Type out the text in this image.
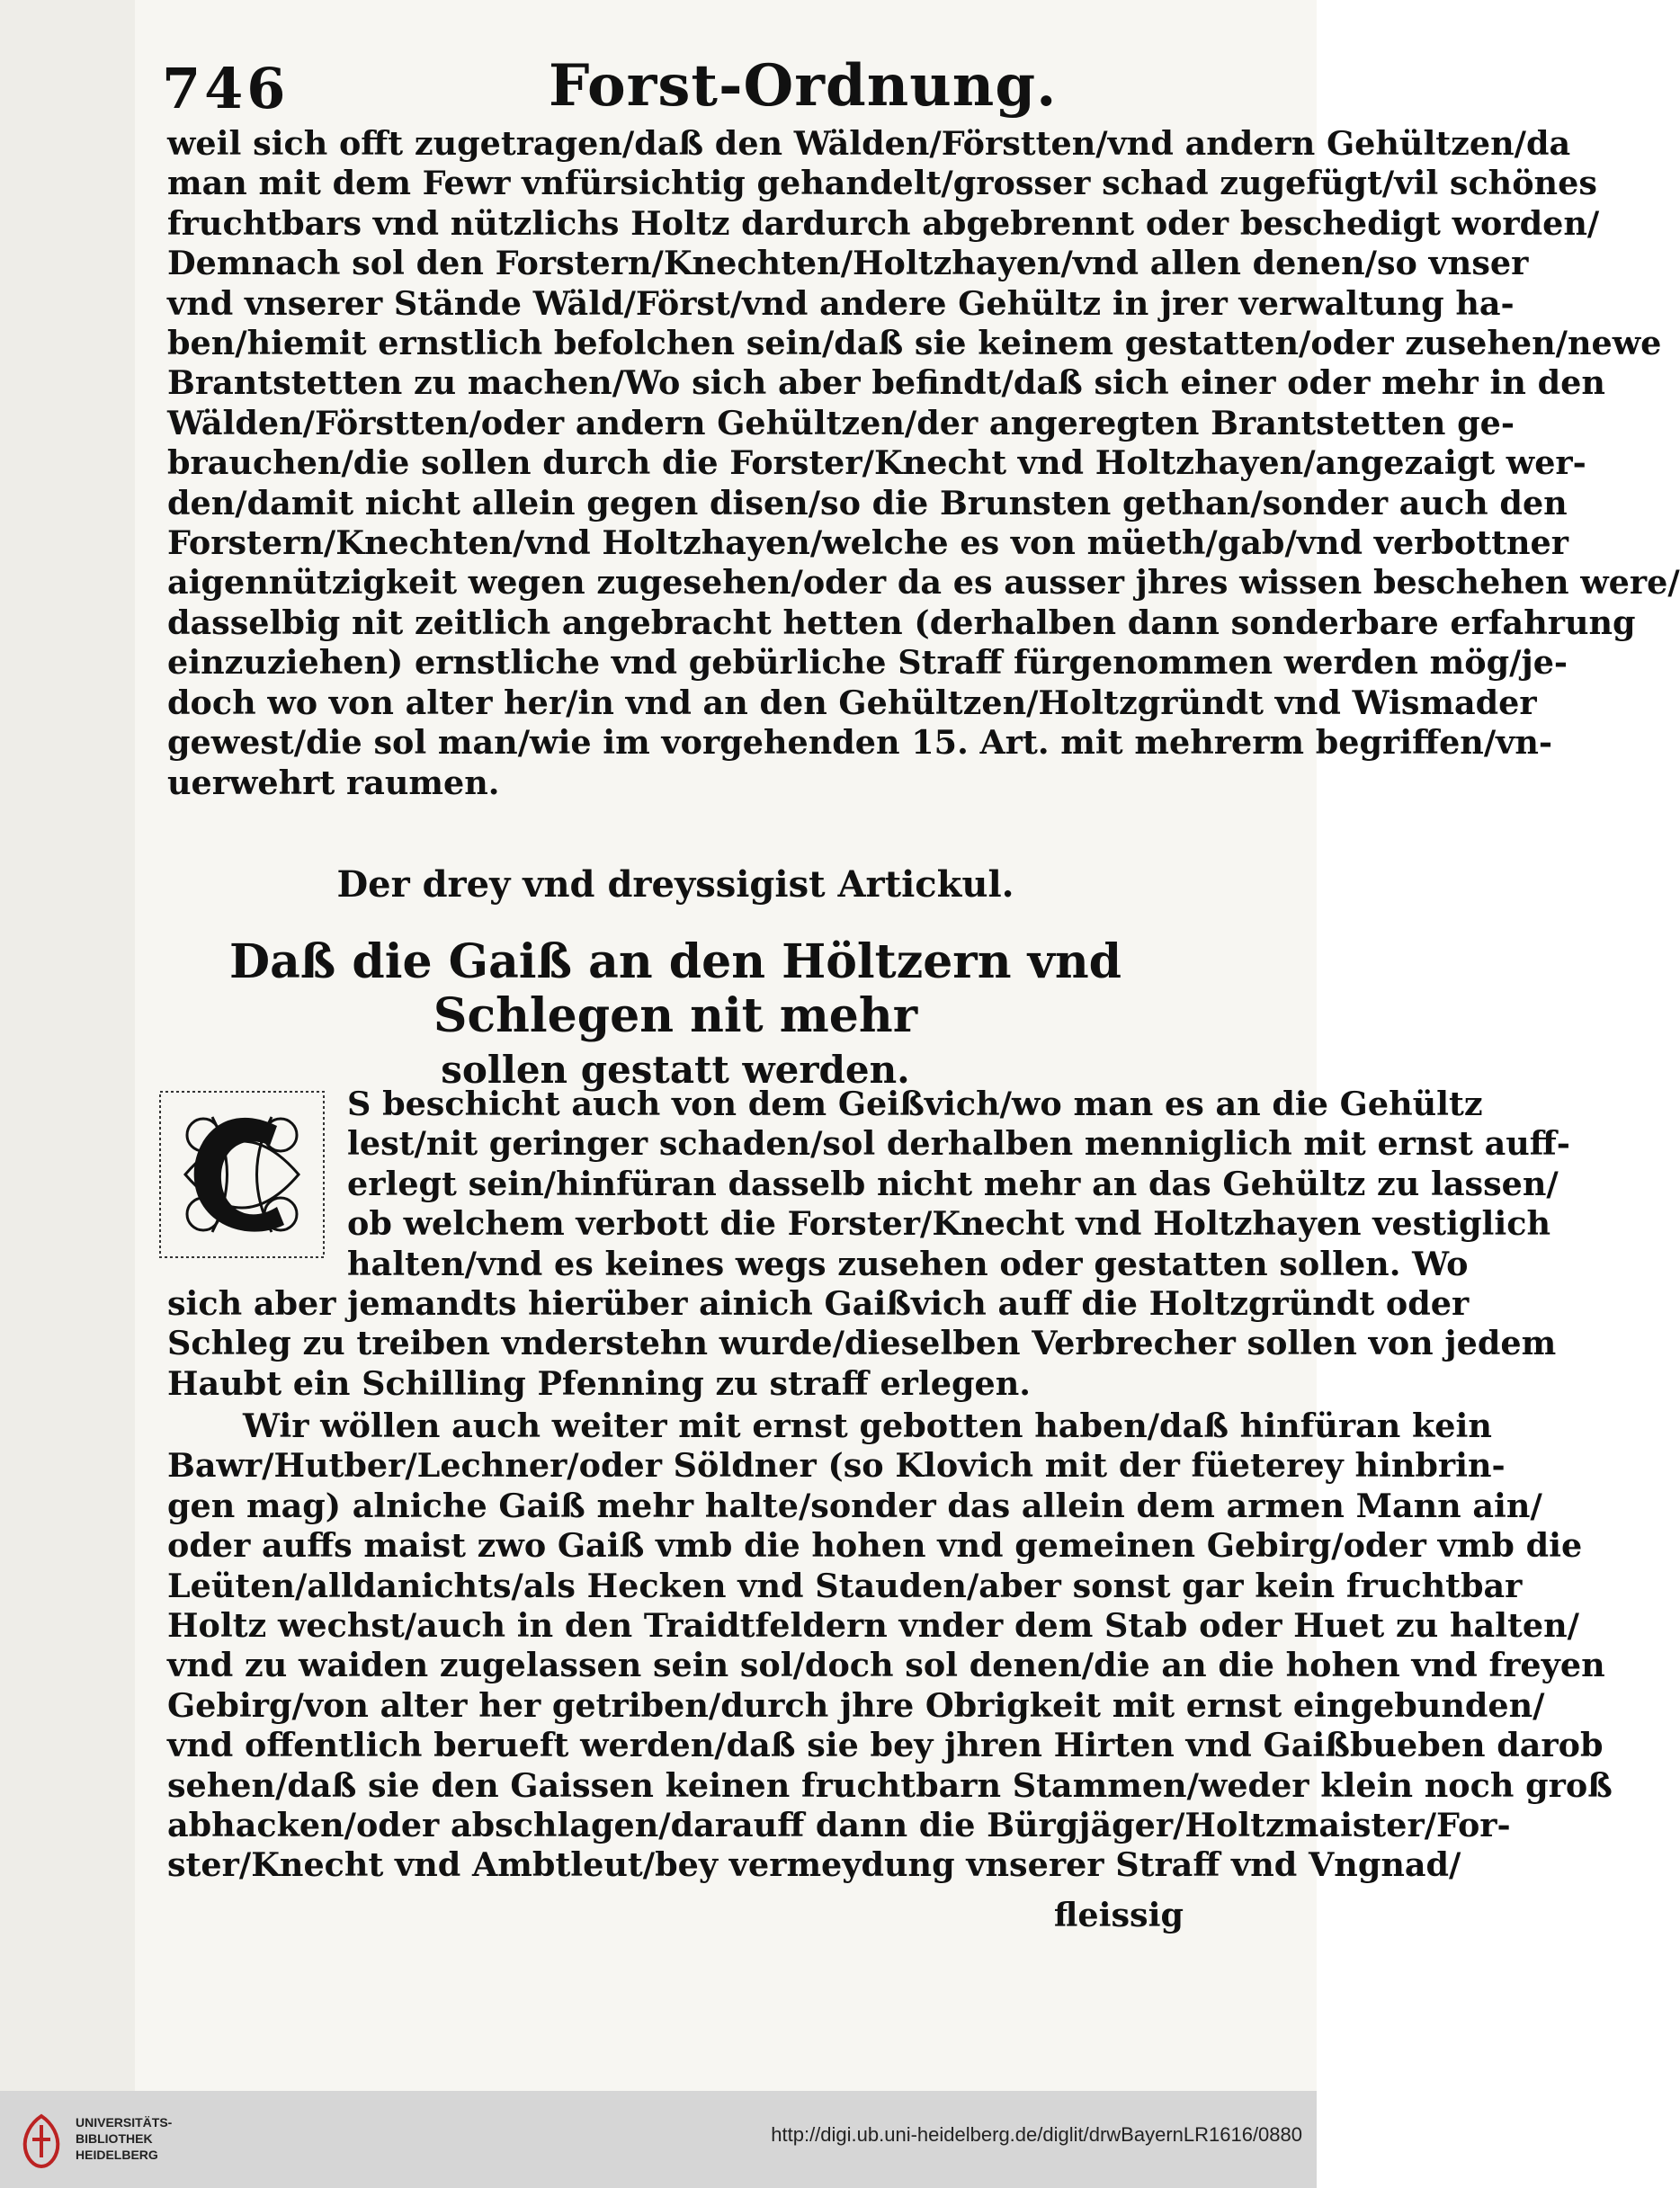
746	Forst-Ordnung.
weil sich offt zugetragen/daß den Wälden/Förstten/vnd andern Gehültzen/da
man mit dem Fewr vnfürsichtig gehandelt/grosser schad zugefügt/vil schönes
fruchtbars vnd nützlichs Holtz dardurch abgebrennt oder beschedigt worden/
Demnach sol den Forstern/Knechten/Holtzhayen/vnd allen denen/so vnser
vnd vnserer Stände Wäld/Först/vnd andere Gehültz in jrer verwaltung ha-
ben/hiemit ernstlich befolchen sein/daß sie keinem gestatten/oder zusehen/newe
Brantstetten zu machen/Wo sich aber befindt/daß sich einer oder mehr in den
Wälden/Förstten/oder andern Gehültzen/der angeregten Brantstetten ge-
brauchen/die sollen durch die Forster/Knecht vnd Holtzhayen/angezaigt wer-
den/damit nicht allein gegen disen/so die Brunsten gethan/sonder auch den
Forstern/Knechten/vnd Holtzhayen/welche es von müeth/gab/vnd verbottner
aigennützigkeit wegen zugesehen/oder da es ausser jhres wissen beschehen were/
dasselbig nit zeitlich angebracht hetten (derhalben dann sonderbare erfahrung
einzuziehen) ernstliche vnd gebürliche Straff fürgenommen werden mög/je-
doch wo von alter her/in vnd an den Gehültzen/Holtzgründt vnd Wismader
gewest/die sol man/wie im vorgehenden 15. Art. mit mehrerm begriffen/vn-
uerwehrt raumen.
Der drey vnd dreyssigist Artickul.
Daß die Gaiß an den Höltzern vnd Schlegen nit mehr
sollen gestatt werden.
S beschicht auch von dem Geißvich/wo man es an die Gehültz
lest/nit geringer schaden/sol derhalben menniglich mit ernst auff-
erlegt sein/hinfüran dasselb nicht mehr an das Gehültz zu lassen/
ob welchem verbott die Forster/Knecht vnd Holtzhayen vestiglich
halten/vnd es keines wegs zusehen oder gestatten sollen. Wo
sich aber jemandts hierüber ainich Gaißvich auff die Holtzgründt oder
Schleg zu treiben vnderstehn wurde/dieselben Verbrecher sollen von jedem
Haubt ein Schilling Pfenning zu straff erlegen.
Wir wöllen auch weiter mit ernst gebotten haben/daß hinfüran kein
Bawr/Hutber/Lechner/oder Söldner (so Klovich mit der füeterey hinbrin-
gen mag) alniche Gaiß mehr halte/sonder das allein dem armen Mann ain/
oder auffs maist zwo Gaiß vmb die hohen vnd gemeinen Gebirg/oder vmb die
Leüten/alldanichts/als Hecken vnd Stauden/aber sonst gar kein fruchtbar
Holtz wechst/auch in den Traidtfeldern vnder dem Stab oder Huet zu halten/
vnd zu waiden zugelassen sein sol/doch sol denen/die an die hohen vnd freyen
Gebirg/von alter her getriben/durch jhre Obrigkeit mit ernst eingebunden/
vnd offentlich berueft werden/daß sie bey jhren Hirten vnd Gaißbueben darob
sehen/daß sie den Gaissen keinen fruchtbarn Stammen/weder klein noch groß
abhacken/oder abschlagen/darauff dann die Bürgjäger/Holtzmaister/For-
ster/Knecht vnd Ambtleut/bey vermeydung vnserer Straff vnd Vngnad/
fleissig
UNIVERSITÄTS-
BIBLIOTHEK
HEIDELBERG
http://digi.ub.uni-heidelberg.de/diglit/drwBayernLR1616/0880
